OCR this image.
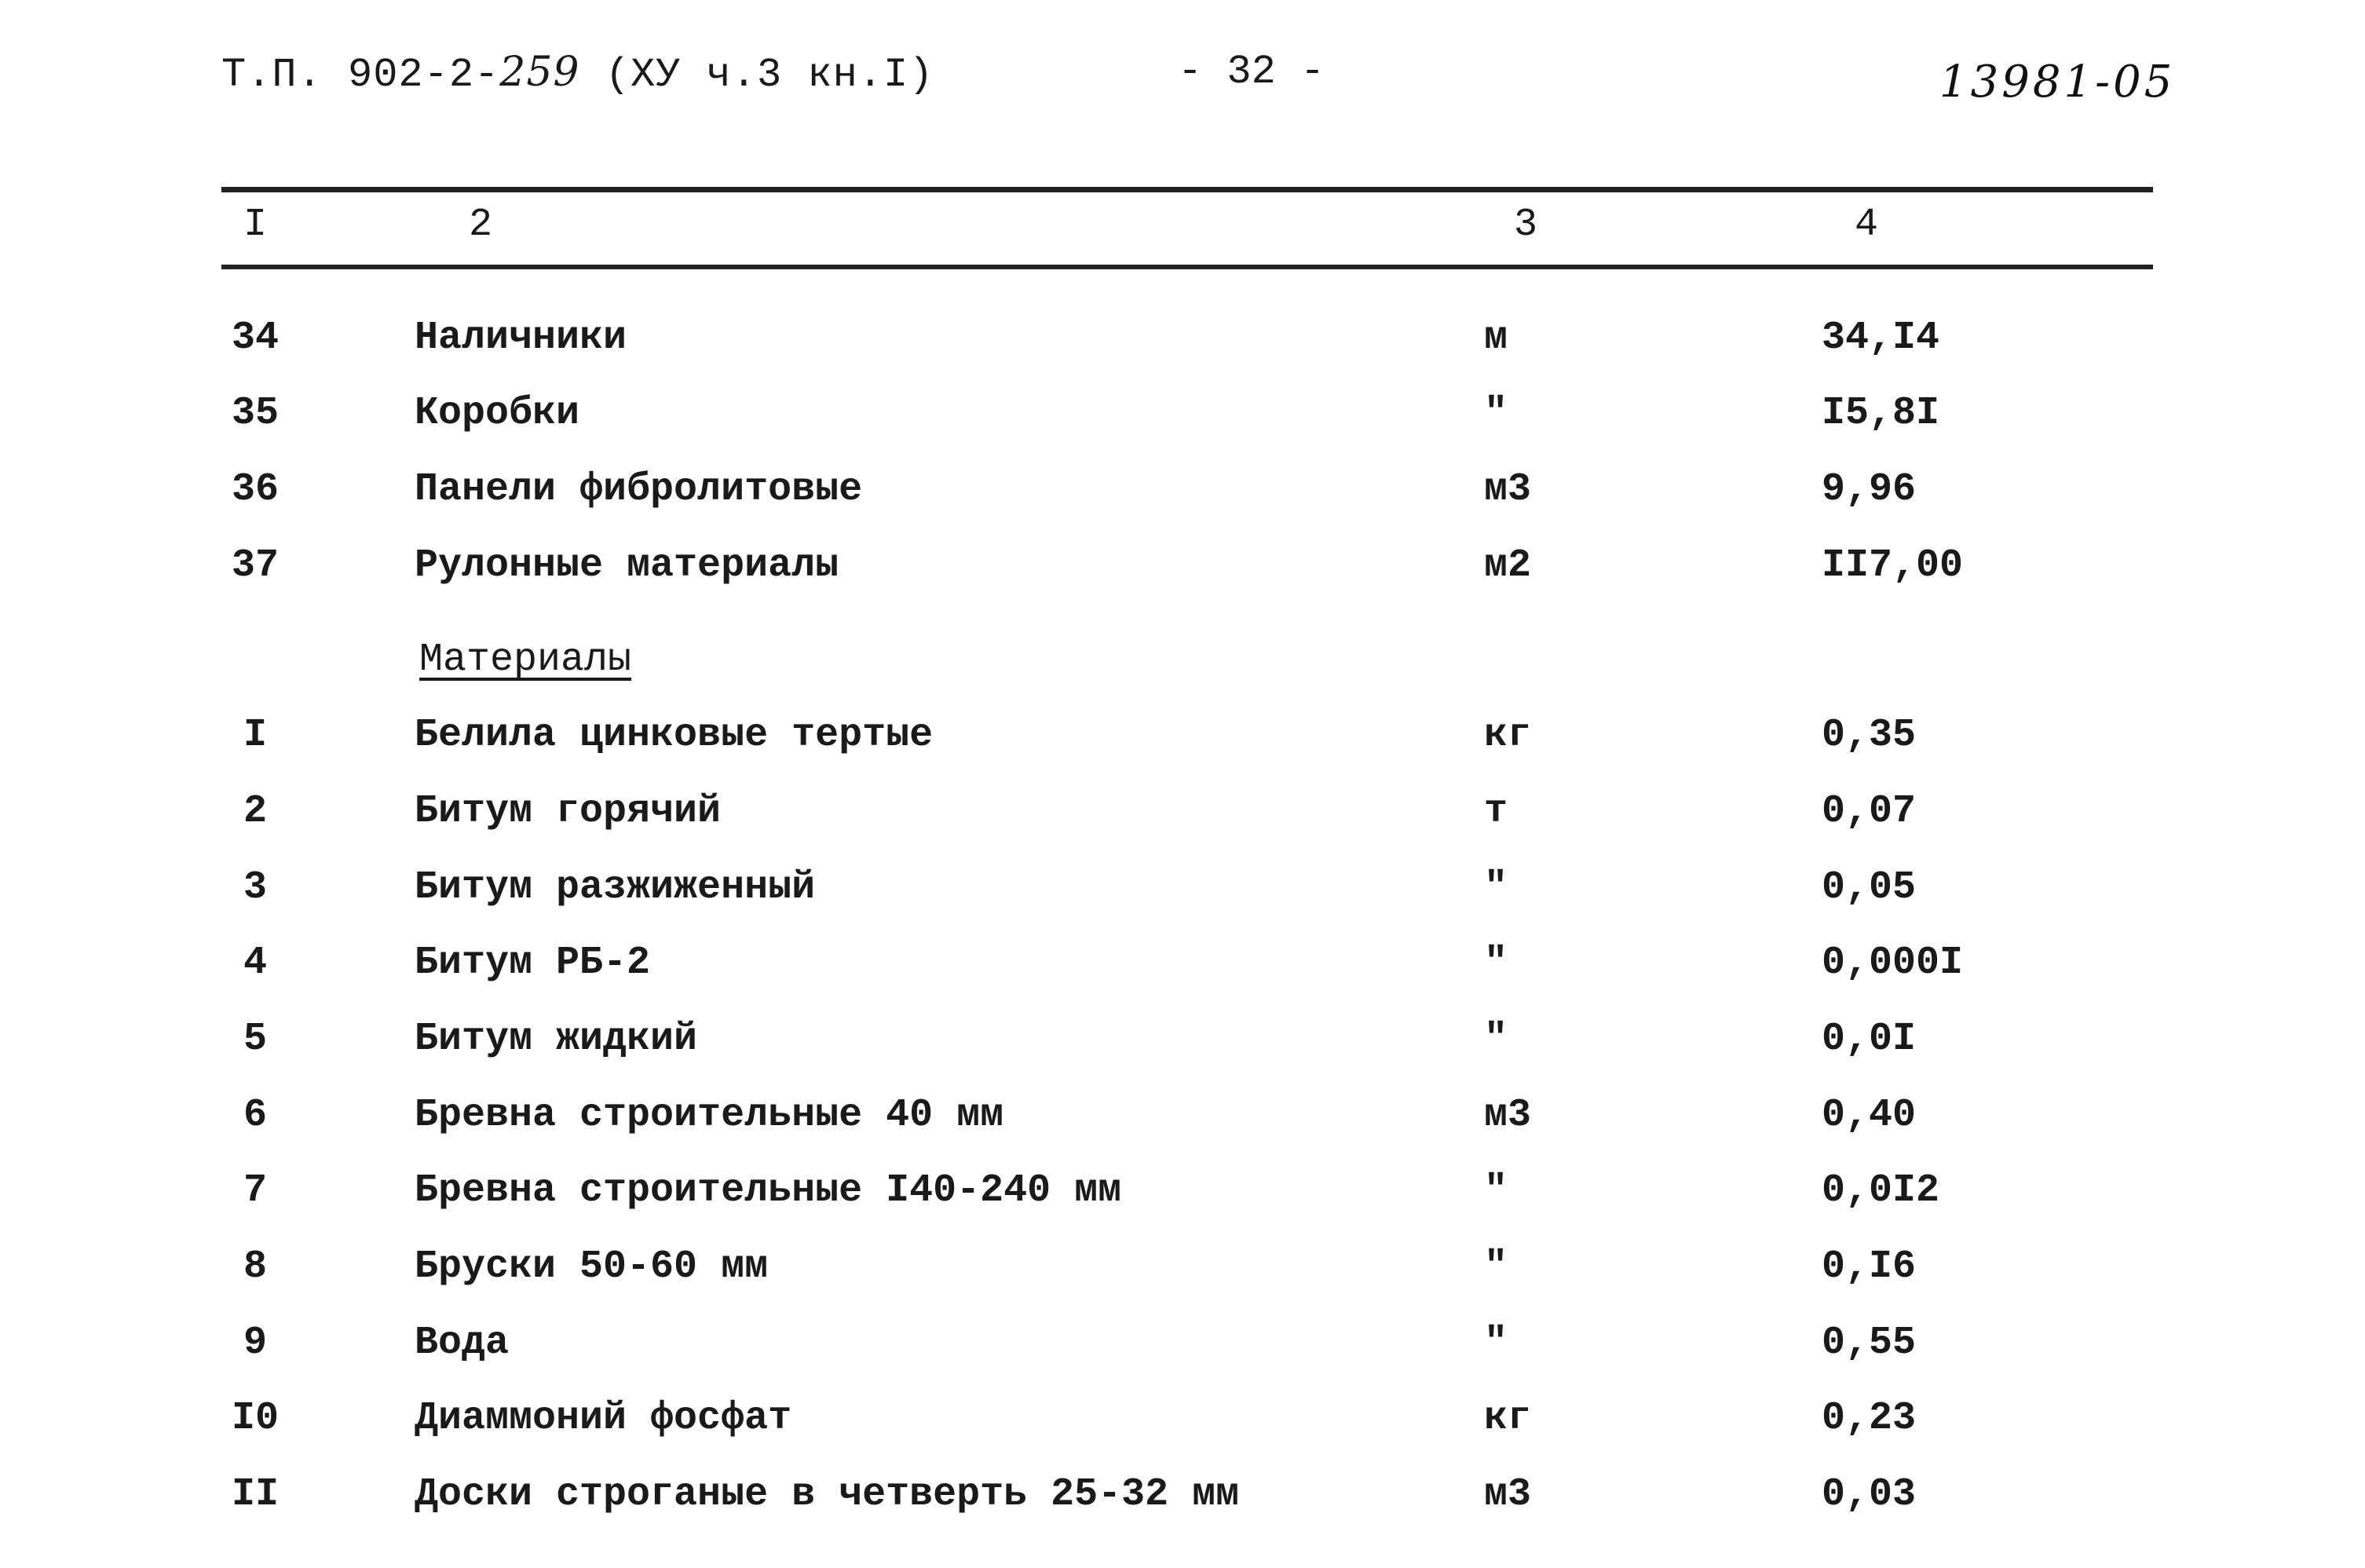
Т.П. 902-2-259 (ХУ ч.3 кн.I)	- 32 -	13981-05
I	2	3	4
34	Наличники	м	34,I4
35	Коробки	"	I5,8I
36	Панели фибролитовые	м3	9,96
37	Рулонные материалы	м2	II7,00
Материалы
I	Белила цинковые тертые	кг	0,35
2	Битум горячий	т	0,07
3	Битум разжиженный	"	0,05
4	Битум РБ-2	"	0,000I
5	Битум жидкий	"	0,0I
6	Бревна строительные 40 мм	м3	0,40
7	Бревна строительные I40-240 мм	"	0,0I2
8	Бруски 50-60 мм	"	0,I6
9	Вода	"	0,55
I0	Диаммоний фосфат	кг	0,23
II	Доски строганые в четверть 25-32 мм	м3	0,03
